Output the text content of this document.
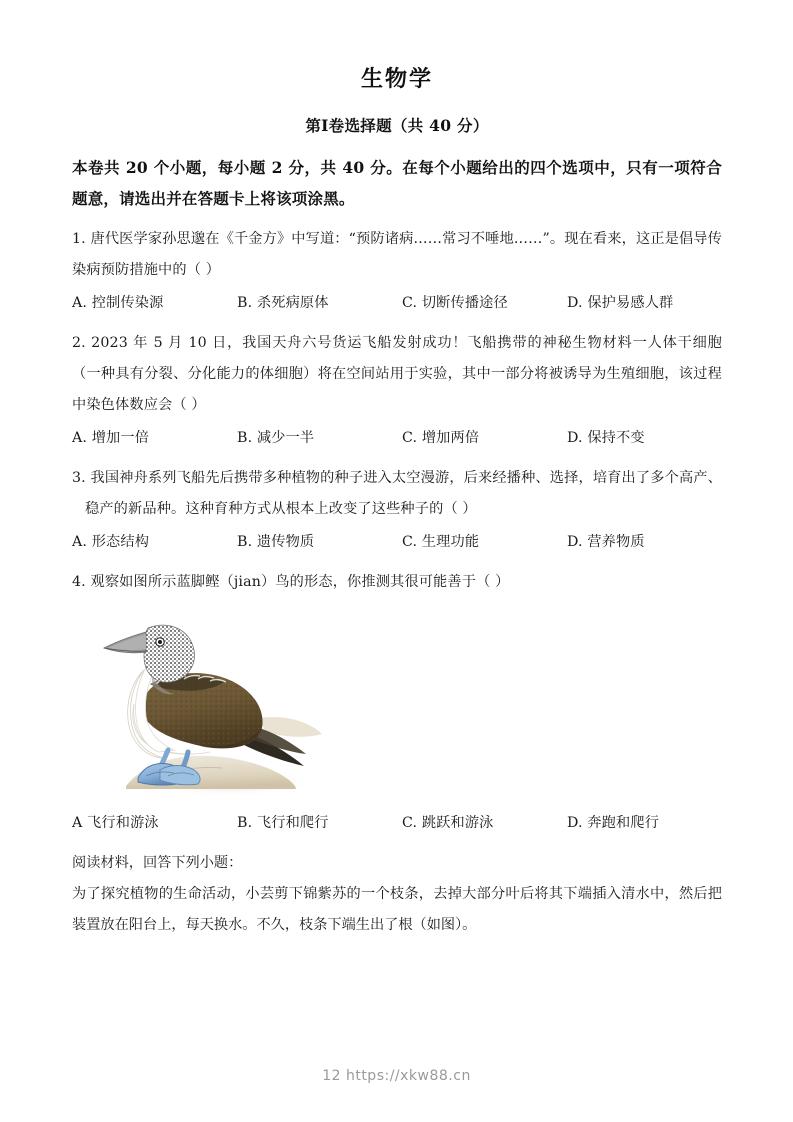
生物学
第I卷选择题（共 40 分）

本卷共 20 个小题，每小题 2 分，共 40 分。在每个小题给出的四个选项中，只有一项符合题意，请选出并在答题卡上将该项涂黑。

1. 唐代医学家孙思邈在《千金方》中写道：“预防诸病……常习不唾地……”。现在看来，这正是倡导传染病预防措施中的（ ）

A. 控制传染源	B. 杀死病原体	C. 切断传播途径	D. 保护易感人群

2. 2023 年 5 月 10 日，我国天舟六号货运飞船发射成功！飞船携带的神秘生物材料一人体干细胞（一种具有分裂、分化能力的体细胞）将在空间站用于实验，其中一部分将被诱导为生殖细胞，该过程中染色体数应会（ ）

A. 增加一倍	B. 减少一半	C. 增加两倍	D. 保持不变

3. 我国神舟系列飞船先后携带多种植物的种子进入太空漫游，后来经播种、选择，培育出了多个高产、稳产的新品种。这种育种方式从根本上改变了这些种子的（ ）

A. 形态结构	B. 遗传物质	C. 生理功能	D. 营养物质

4. 观察如图所示蓝脚鲣（jian）鸟的形态，你推测其很可能善于（ ）

A 飞行和游泳	B. 飞行和爬行	C. 跳跃和游泳	D. 奔跑和爬行

阅读材料，回答下列小题：

为了探究植物的生命活动，小芸剪下锦紫苏的一个枝条，去掉大部分叶后将其下端插入清水中，然后把装置放在阳台上，每天换水。不久，枝条下端生出了根（如图）。

12 https://xkw88.cn
